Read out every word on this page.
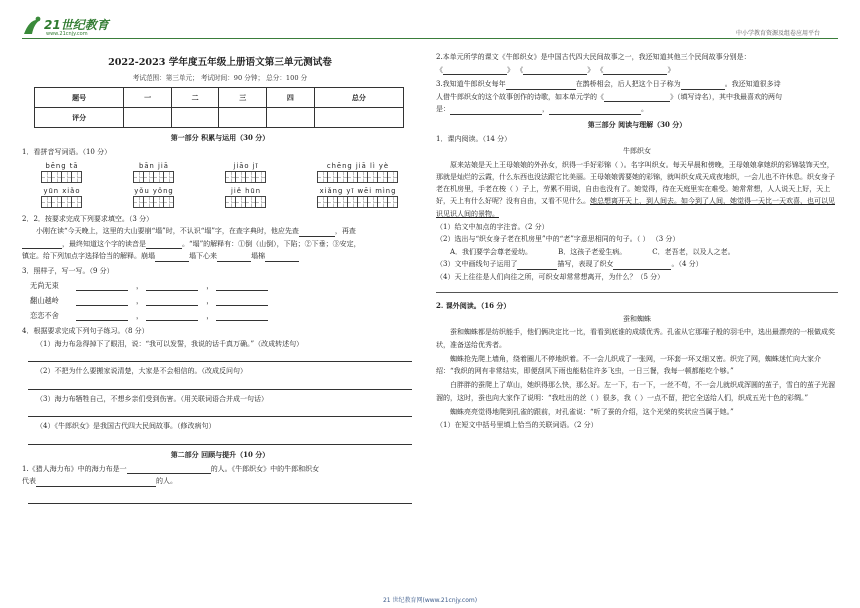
21世纪教育
www.21cnjy.com	中小学教育资源及组卷应用平台
2022-2023 学年度五年级上册语文第三单元测试卷
考试范围：第三单元； 考试时间：90 分钟； 总分：100 分
题号	一	二	三	四	总分
评分					
第一部分 积累与运用（30 分）
1．看拼音写词语。（10 分）
bēng tā	bān jiā	jiāo jī	chēng jiā lì yè
yūn xiǎo	yǒu yǒng	jiě hūn	xiǎng yī wēi mìng
2．2．按要求完成下列要求填空。（3 分）
小刚在读“今天晚上，这里的大山要崩“塌”时，不认识“塌”字，在查字典时，他应先查	，再查
，最终知道这个字的读音是	。“塌”的解释有：①倒（山倒），下陷；②下垂；③安定，
镇定。给下列加点字选择恰当的解释。崩塌	塌下心来	塌棉
3．照样子，写一写。（9 分）
无尚无束	，	，
翻山越岭	，	，
恋恋不舍	，	，
4．根据要求完成下列句子练习。（8 分）
（1）海力布急得掉下了眼泪，说：“我可以发誓，我说的话千真万确。”（改成转述句）
（2）不把为什么要搬家说清楚，大家是不会相信的。（改成反问句）
（3）海力布牺牲自己，不想乡亲们受到伤害。（用关联词语合并成一句话）
（4）《牛郎织女》是我国古代四大民间故事。（修改病句）
第二部分 回顾与提升（10 分）
1.《猎人海力布》中的海力布是一	的人。《牛郎织女》中的牛郎和织女
代表	的人。
2.本单元所学的课文《牛郎织女》是中国古代四大民间故事之一，我还知道其他三个民间故事分别是：
《	》 《	》 《	》
3.我知道牛郎织女每年	在鹊桥相会，后人把这个日子称为	。我还知道很多诗
人借牛郎织女的这个故事创作的诗歌，如本单元学的《	》（填写诗名），其中我最喜欢的两句
是：	，	。
第三部分 阅读与理解（30 分）
1．课内阅读。（14 分）
牛郎织女
原来站娘是天上王母娘娘的外孙女，织得一手好彩锦（ ）。名字叫织女。每天早晨和傍晚，王母娘娘拿她织的彩锦装饰天空，那就是灿烂的云霞，什么东西也没法跟它比美丽。王母娘娘需要她的彩锦，就叫织女成天成夜地织，一会儿也不许休息。织女身子老在机房里，手老在梭（ ）子上，劳累不用说，自由也没有了。她觉得，待在天庭里实在难受。她常常想，人人说天上好，天上好，天上有什么好呢？没有自由，又看不见什么。她总想离开天上，到人间去。如今到了人间，她觉得一天比一天欢喜，也可以见识见识人间的景物。
（1）给文中加点的字注音。（2 分）
（2）选出与“织女身子老在机房里”中的“老”字意思相同的句子。（ ） （3 分）
A．我们要学会尊老爱幼。	B．这孩子老爱生病。	C．老吾老，以及人之老。
（3）文中画线句子运用了	描写，表现了织女	。（4 分）
（4）天上往往是人们向往之所，可织女却常常想离开，为什么？（5 分）
2. 课外阅读。（16 分）
蚕和蜘蛛
蚕和蜘蛛都是纺织能手，他们俩决定比一比，看看到底谁的成绩优秀。孔雀从它那璀子般的羽毛中，选出最漂亮的一根做成奖状，准备送给优秀者。
蜘蛛抢先爬上墙角，绕着圈儿不停地织着。不一会儿织成了一张网，一环套一环又细又密。织完了网，蜘蛛迷忙向大家介绍：“我织的网有非常结实，即便刮风下雨也能粘住许多飞虫，一日三餐，我每一顿都能吃个够。”
白胖胖的蚕爬上了草山，她织得那么快，那么好。左一下，右一下，一丝不苟，不一会儿就织成浑圆的茧子，雪白的茧子光溜溜的，这时，蚕也向大家作了说明：“我吐出的丝（ ）很多，我（ ）一点不留，把它全送给人们，织成五光十色的彩绸。”
蜘蛛亮亮觉得地爬到孔雀的跟前，对孔雀说：“听了蚕的介绍，这个光荣的奖状应当属于她。”
（1）在短文中括号里填上恰当的关联词语。（2 分）
21 世纪教育网(www.21cnjy.com)
